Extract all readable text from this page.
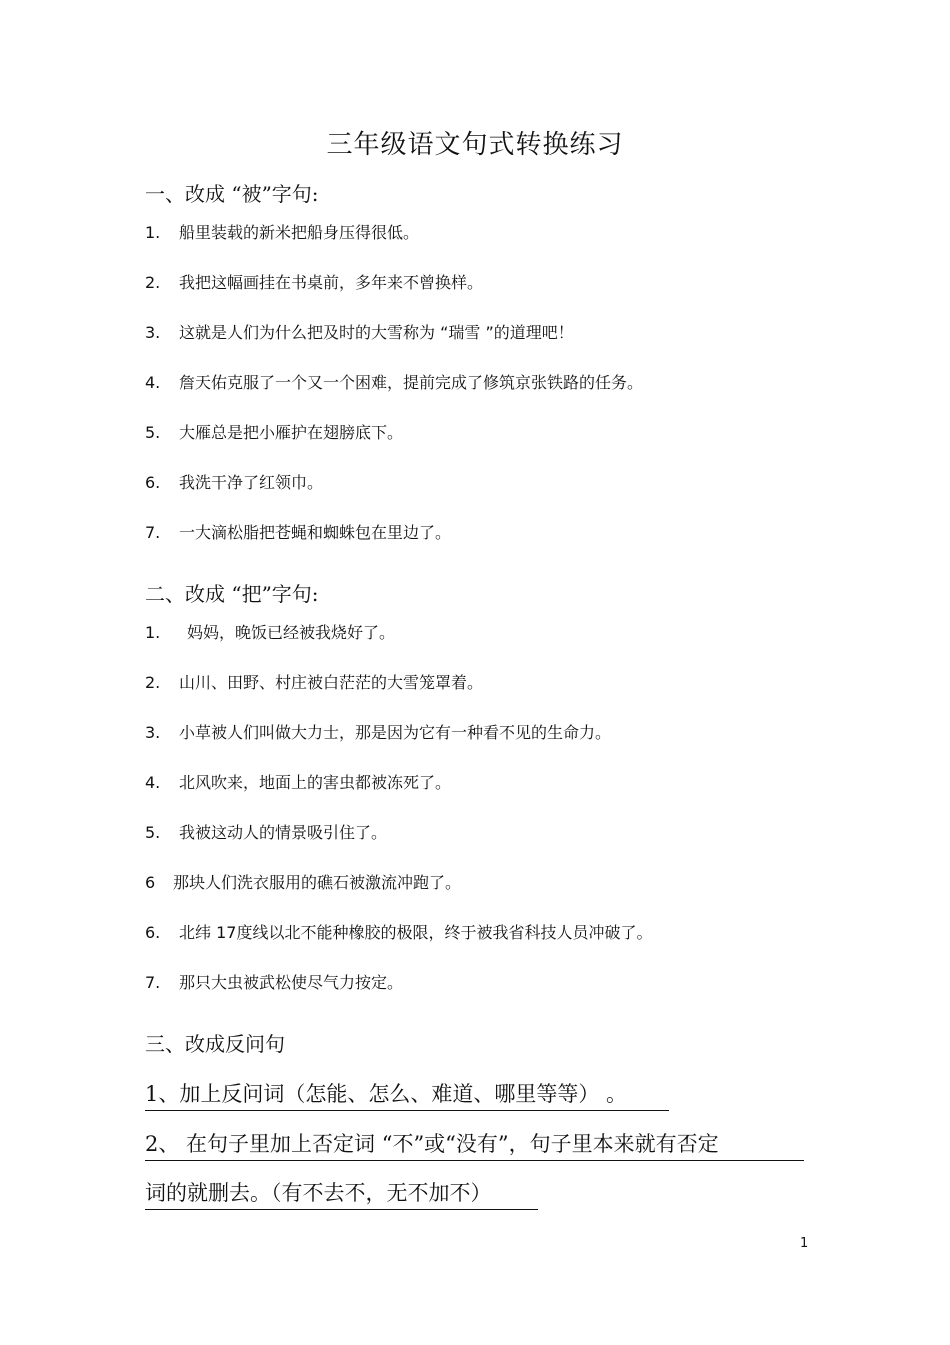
三年级语文句式转换练习
一、改成 “被”字句:
1. 船里装载的新米把船身压得很低。
2. 我把这幅画挂在书桌前，多年来不曾换样。
3. 这就是人们为什么把及时的大雪称为 “瑞雪 ”的道理吧！
4. 詹天佑克服了一个又一个困难，提前完成了修筑京张铁路的任务。
5. 大雁总是把小雁护在翅膀底下。
6. 我洗干净了红领巾。
7. 一大滴松脂把苍蝇和蜘蛛包在里边了。
二、改成 “把”字句:
1. 妈妈，晚饭已经被我烧好了。
2. 山川、田野、村庄被白茫茫的大雪笼罩着。
3. 小草被人们叫做大力士，那是因为它有一种看不见的生命力。
4. 北风吹来，地面上的害虫都被冻死了。
5. 我被这动人的情景吸引住了。
6 那块人们洗衣服用的礁石被激流冲跑了。
6. 北纬 17度线以北不能种橡胶的极限，终于被我省科技人员冲破了。
7. 那只大虫被武松使尽气力按定。
三、改成反问句
1、加上反问词（怎能、怎么、难道、哪里等等） 。
2、 在句子里加上否定词 “不”或“没有”，句子里本来就有否定
词的就删去。（有不去不，无不加不）
1
